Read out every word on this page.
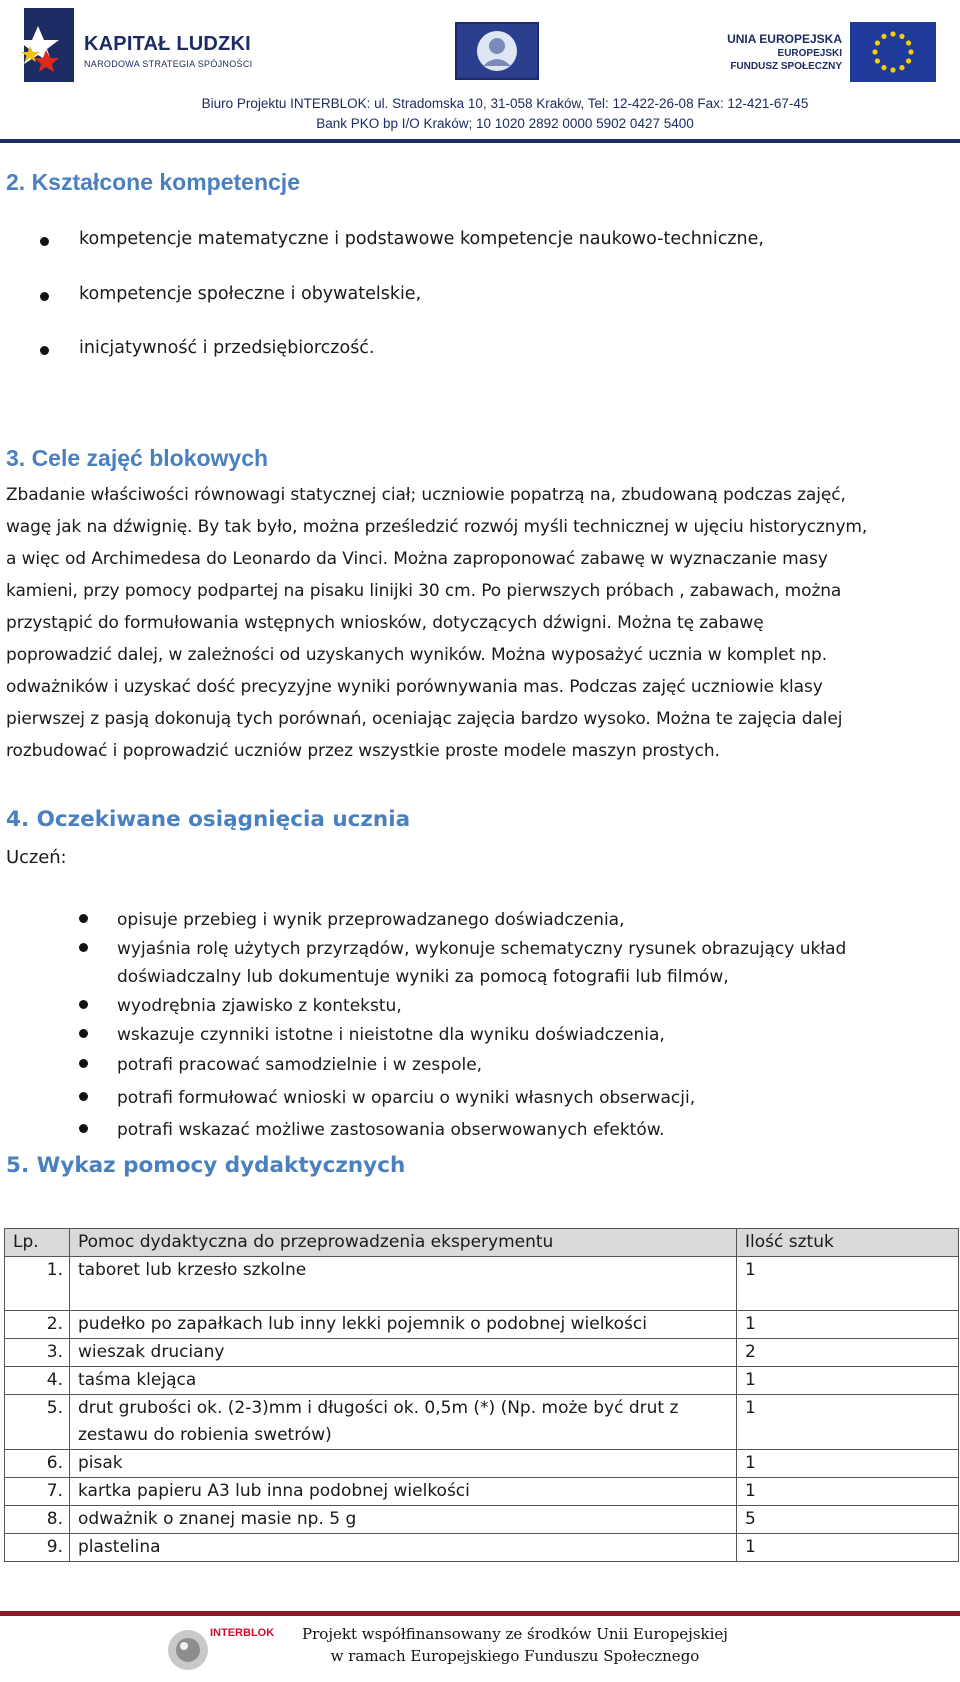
KAPITAŁ LUDZKI
NARODOWA STRATEGIA SPÓJNOŚCI
UNIA EUROPEJSKA
EUROPEJSKI
FUNDUSZ SPOŁECZNY
Biuro Projektu INTERBLOK: ul. Stradomska 10, 31-058 Kraków, Tel: 12-422-26-08 Fax: 12-421-67-45
Bank PKO bp I/O Kraków; 10 1020 2892 0000 5902 0427 5400
2. Kształcone kompetencje
kompetencje matematyczne i podstawowe kompetencje naukowo-techniczne,
kompetencje społeczne i obywatelskie,
inicjatywność i przedsiębiorczość.
3. Cele zajęć blokowych
Zbadanie właściwości równowagi statycznej ciał; uczniowie popatrzą na, zbudowaną podczas zajęć,
wagę jak na dźwignię. By tak było, można prześledzić rozwój myśli technicznej w ujęciu historycznym,
a więc od Archimedesa do Leonardo da Vinci. Można zaproponować zabawę w wyznaczanie masy
kamieni, przy pomocy podpartej na pisaku linijki 30 cm. Po pierwszych próbach , zabawach, można
przystąpić do formułowania wstępnych wniosków, dotyczących dźwigni. Można tę zabawę
poprowadzić dalej, w zależności od uzyskanych wyników. Można wyposażyć ucznia w komplet np.
odważników i uzyskać dość precyzyjne wyniki porównywania mas. Podczas zajęć uczniowie klasy
pierwszej z pasją dokonują tych porównań, oceniając zajęcia bardzo wysoko. Można te zajęcia dalej
rozbudować i poprowadzić uczniów przez wszystkie proste modele maszyn prostych.
4. Oczekiwane osiągnięcia ucznia
Uczeń:
opisuje przebieg i wynik przeprowadzanego doświadczenia,
wyjaśnia rolę użytych przyrządów, wykonuje schematyczny rysunek obrazujący układ
doświadczalny lub dokumentuje wyniki za pomocą fotografii lub filmów,
wyodrębnia zjawisko z kontekstu,
wskazuje czynniki istotne i nieistotne dla wyniku doświadczenia,
potrafi pracować samodzielnie i w zespole,
potrafi formułować wnioski w oparciu o wyniki własnych obserwacji,
potrafi wskazać możliwe zastosowania obserwowanych efektów.
5. Wykaz pomocy dydaktycznych
Lp.	Pomoc dydaktyczna do przeprowadzenia eksperymentu	Ilość sztuk
1.	taboret lub krzesło szkolne	1
2.	pudełko po zapałkach lub inny lekki pojemnik o podobnej wielkości	1
3.	wieszak druciany	2
4.	taśma klejąca	1
5.	drut grubości ok. (2-3)mm i długości ok. 0,5m (*) (Np. może być drut z zestawu do robienia swetrów)	1
6.	pisak	1
7.	kartka papieru A3 lub inna podobnej wielkości	1
8.	odważnik o znanej masie np. 5 g	5
9.	plastelina	1
INTERBLOK	Projekt współfinansowany ze środków Unii Europejskiej
w ramach Europejskiego Funduszu Społecznego
